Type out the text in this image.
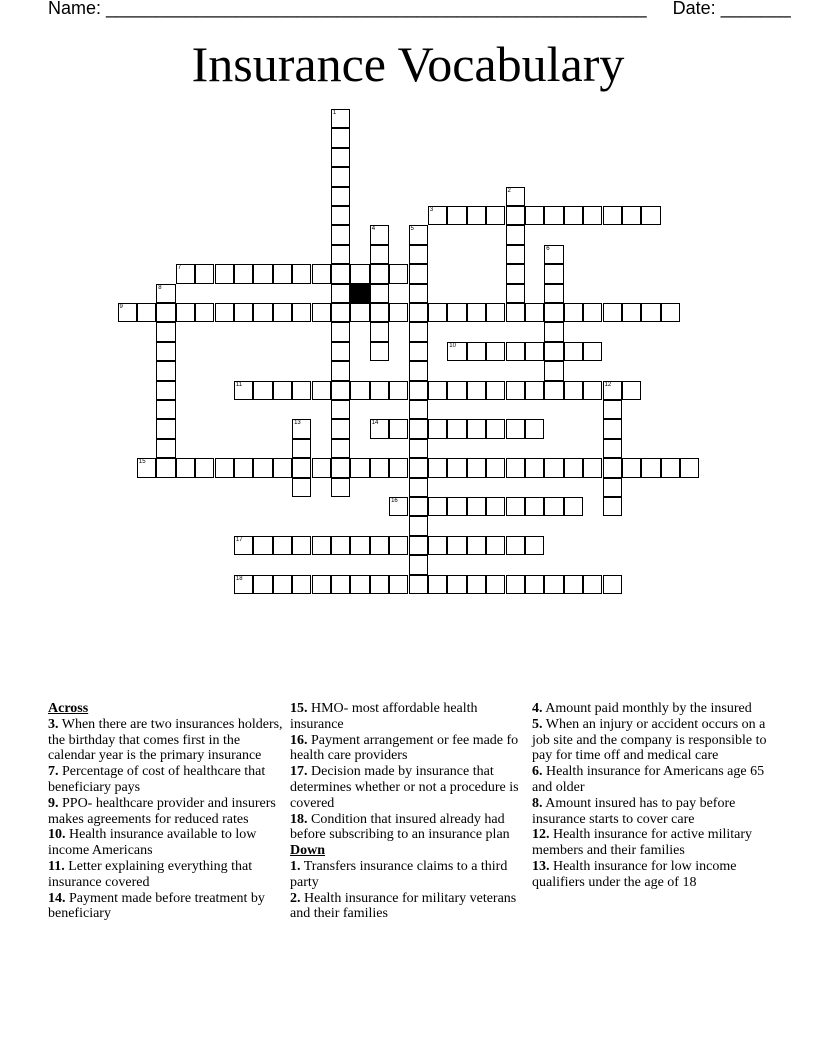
Name: ______________________________________________________ Date: _______
Insurance Vocabulary
1
2
3
4	5
6
7
8
9
10
11	12
13	14
15
16
17
18

Across

3. When there are two insurances holders, the birthday that comes first in the calendar year is the primary insurance

7. Percentage of cost of healthcare that beneficiary pays

9. PPO- healthcare provider and insurers makes agreements for reduced rates

10. Health insurance available to low income Americans

11. Letter explaining everything that insurance covered

14. Payment made before treatment by beneficiary

15. HMO- most affordable health insurance

16. Payment arrangement or fee made fo health care providers

17. Decision made by insurance that determines whether or not a procedure is covered

18. Condition that insured already had before subscribing to an insurance plan

Down

1. Transfers insurance claims to a third party

2. Health insurance for military veterans and their families

4. Amount paid monthly by the insured

5. When an injury or accident occurs on a job site and the company is responsible to pay for time off and medical care

6. Health insurance for Americans age 65 and older

8. Amount insured has to pay before insurance starts to cover care

12. Health insurance for active military members and their families

13. Health insurance for low income qualifiers under the age of 18
